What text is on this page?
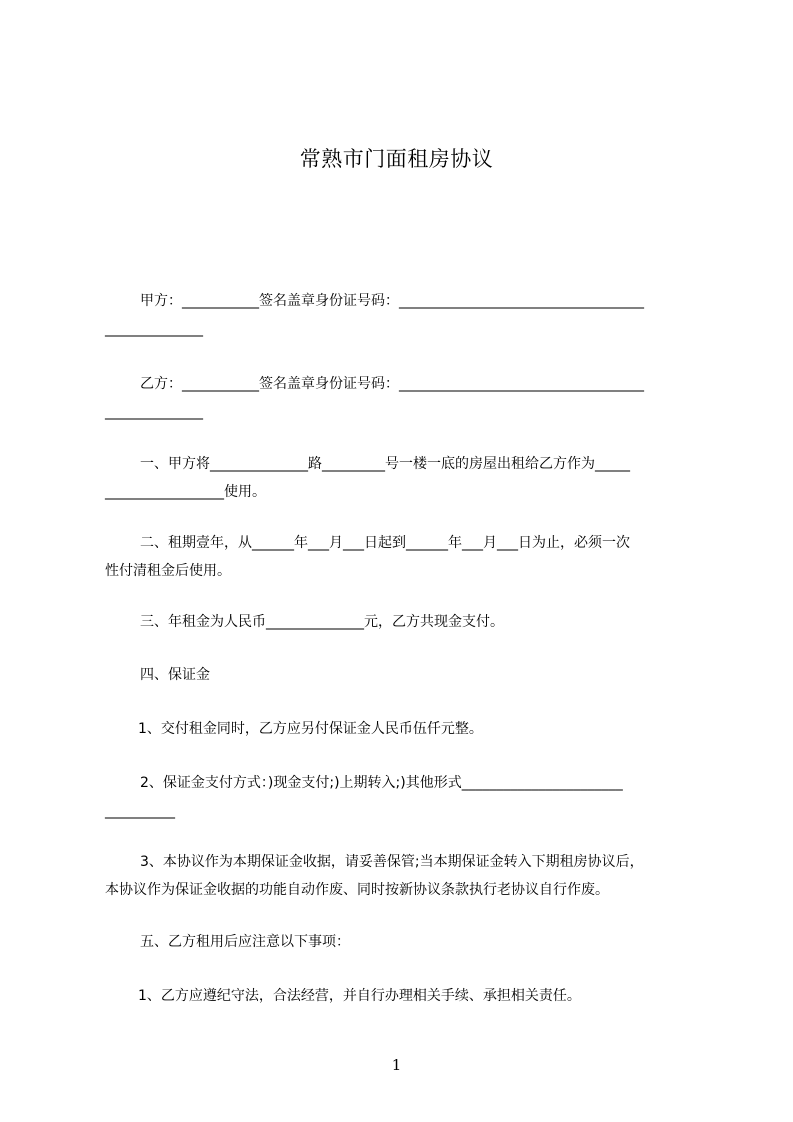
常熟市门面租房协议
甲方：___________签名盖章身份证号码：___________________________________
______________
乙方：___________签名盖章身份证号码：___________________________________
______________
一、甲方将______________路_________号一楼一底的房屋出租给乙方作为_____
_________________使用。
二、租期壹年，从______年___月___日起到______年___月___日为止，必须一次
性付清租金后使用。
三、年租金为人民币______________元，乙方共现金支付。
四、保证金
1、交付租金同时，乙方应另付保证金人民币伍仟元整。
2、保证金支付方式：)现金支付;)上期转入;)其他形式_______________________
__________
3、本协议作为本期保证金收据，请妥善保管;当本期保证金转入下期租房协议后，
本协议作为保证金收据的功能自动作废、同时按新协议条款执行老协议自行作废。
五、乙方租用后应注意以下事项：
1、乙方应遵纪守法，合法经营，并自行办理相关手续、承担相关责任。
1
